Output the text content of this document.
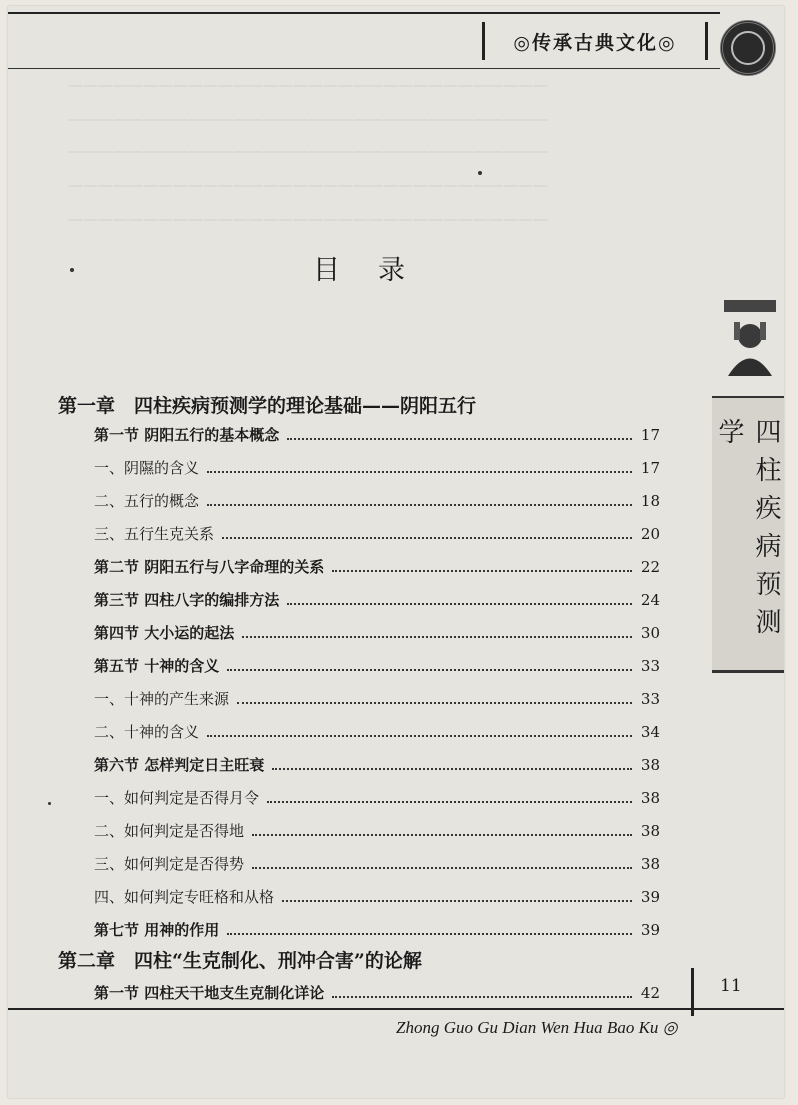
◎传承古典文化◎
————————————————————————————————
————————————————————————————————
————————————————————————————————
————————————————————————————————
————————————————————————————————
四柱疾病预测学
目录
第一章　四柱疾病预测学的理论基础——阴阳五行
第一节 阴阳五行的基本概念	17
一、阴隰的含义	17
二、五行的概念	18
三、五行生克关系	20
第二节 阴阳五行与八字命理的关系	22
第三节 四柱八字的编排方法	24
第四节 大小运的起法	30
第五节 十神的含义	33
一、十神的产生来源	33
二、十神的含义	34
第六节 怎样判定日主旺衰	38
一、如何判定是否得月令	38
二、如何判定是否得地	38
三、如何判定是否得势	38
四、如何判定专旺格和从格	39
第七节 用神的作用	39
第二章　四柱“生克制化、刑冲合害”的论解
第一节 四柱天干地支生克制化详论	42	11
Zhong Guo Gu Dian Wen Hua Bao Ku ◎
